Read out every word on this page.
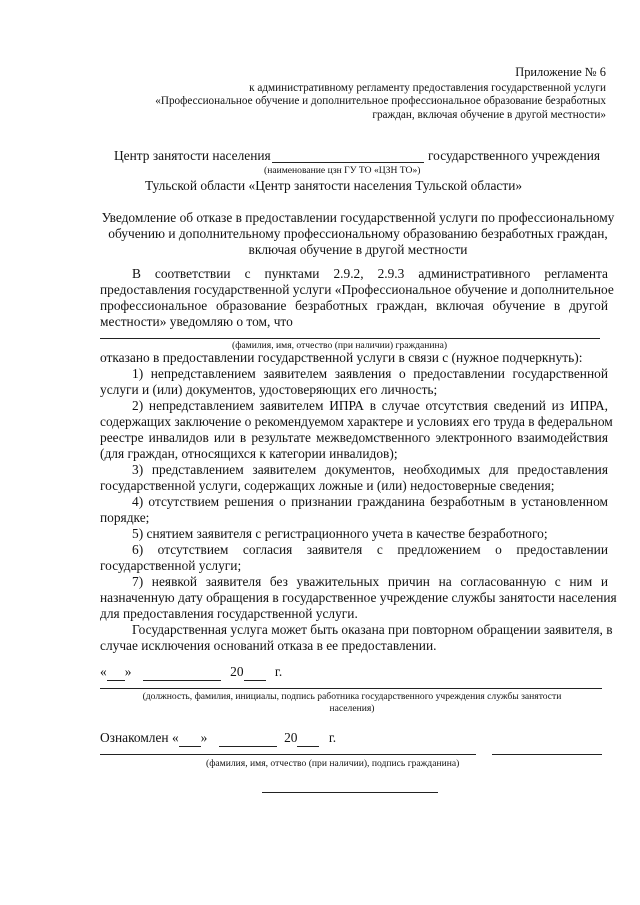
Приложение № 6
к административному регламенту предоставления государственной услуги
«Профессиональное обучение и дополнительное профессиональное образование безработных
граждан, включая обучение в другой местности»
Центр занятости населения	государственного учреждения
(наименование цзн ГУ ТО «ЦЗН ТО»)
Тульской области «Центр занятости населения Тульской области»
Уведомление об отказе в предоставлении государственной услуги по профессиональному
обучению и дополнительному профессиональному образованию безработных граждан,
включая обучение в другой местности
В соответствии с пунктами 2.9.2, 2.9.3 административного регламента
предоставления государственной услуги «Профессиональное обучение и дополнительное
профессиональное образование безработных граждан, включая обучение в другой
местности» уведомляю о том, что
(фамилия, имя, отчество (при наличии) гражданина)
отказано в предоставлении государственной услуги в связи с (нужное подчеркнуть):
1) непредставлением заявителем заявления о предоставлении государственной
услуги и (или) документов, удостоверяющих его личность;
2) непредставлением заявителем ИПРА в случае отсутствия сведений из ИПРА,
содержащих заключение о рекомендуемом характере и условиях его труда в федеральном
реестре инвалидов или в результате межведомственного электронного взаимодействия
(для граждан, относящихся к категории инвалидов);
3) представлением заявителем документов, необходимых для предоставления
государственной услуги, содержащих ложные и (или) недостоверные сведения;
4) отсутствием решения о признании гражданина безработным в установленном
порядке;
5) снятием заявителя с регистрационного учета в качестве безработного;
6) отсутствием согласия заявителя с предложением о предоставлении
государственной услуги;
7) неявкой заявителя без уважительных причин на согласованную с ним и
назначенную дату обращения в государственное учреждение службы занятости населения
для предоставления государственной услуги.
Государственная услуга может быть оказана при повторном обращении заявителя, в
случае исключения оснований отказа в ее предоставлении.
« »	20 г.
(должность, фамилия, инициалы, подпись работника государственного учреждения службы занятости
населения)
Ознакомлен « »	20 г.
(фамилия, имя, отчество (при наличии), подпись гражданина)
